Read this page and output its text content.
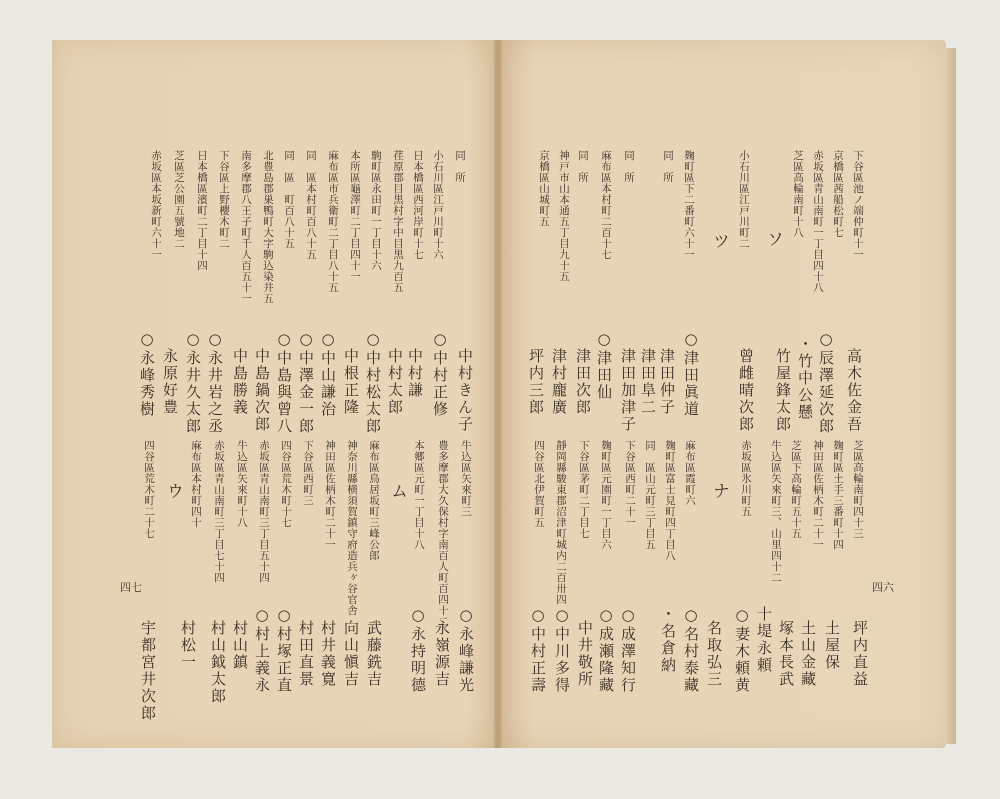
下谷區池ノ端仲町十一
京橋區茜船松町七
赤坂區青山南町一丁目四十八
芝區高輪南町十八
ソ
小石川區江戸川町二
ツ
麹町區下二番町六十一
同　所
同　所
麻布區本村町二百十七
同　所
神戸市山本通五丁目九十五
京橋區山城町五
高木佐金吾
○辰澤延次郎
・竹中公懸
竹屋鋒太郎
曾雌晴次郎
ナ
○津田眞道
津田仲子
津田阜二
津田加津子
○津田仙
津田次郎
津村龐廣
坪内三郎
芝區高輪南町四十三
麹町區土手三番町十四
神田區佐柄木町二十一
芝區下高輪町五十五
牛込區矢來町三、山里四十二
赤坂區氷川町五
麻布區霞町六
麹町區富士見町四丁目八
同　區山元町三丁目五
下谷區西町二十一
麹町區元園町一丁目六
下谷區茅町二丁目七
靜岡縣駿東郡沼津町城内二百卅四
四谷區北伊賀町五
坪内直益
土屋保
土山金藏
塚本長武
十堤永頼
○妻木頼黄
名取弘三
○名村泰藏
・名倉納
○成澤知行
○成瀬隆藏
中井敬所
○中川多得
○中村正壽
四六
同　所
小石川區江戸川町十六
日本橋區西河岸町十七
荏原郡目黒村字中目黒九百五
駒町區永田町一丁目十六
本所區龜澤町二丁目四十一
麻布區市兵衛町二丁目八十五
同　區本村町百八十五
同　區　町百八十五
北豊島郡巣鴨町大字駒込染井五
南多摩郡八王子町千人百五十一
下谷區上野櫻木町二
日本橋區濱町二丁目十四
芝區芝公園五號地二
赤坂區本坂新町六十一
中村きん子
○中村正修
中村謙
中村太郎
○中村松太郎
中根正隆
○中山謙治
○中澤金一郎
○中島與曾八
中島鍋次郎
中島勝義
○永井岩之丞
○永井久太郎
永原好豊
○永峰秀樹
牛込區矢來町三
豊多摩郡大久保村字南百人町百四十二
本郷區元町一丁目十八
ム
麻布區鳥居坂町三峰公郎
神奈川縣横須賀鎮守府造兵ヶ谷官舎
神田區佐柄木町二十一
下谷區西町三
四谷區荒木町十七
赤坂區青山南町三丁目五十四
牛込區矢來町十八
赤坂區青山南町三丁目七十四
麻布區本村町四十
ウ
四谷區荒木町二十七
○永峰謙光
永嶺源吉
○永持明德
武藤銑吉
向山愼吉
村井義寛
村田直景
○村塚正直
○村上義永
村山鎮
村山鉞太郎
村松一
宇都宮井次郎
四七
